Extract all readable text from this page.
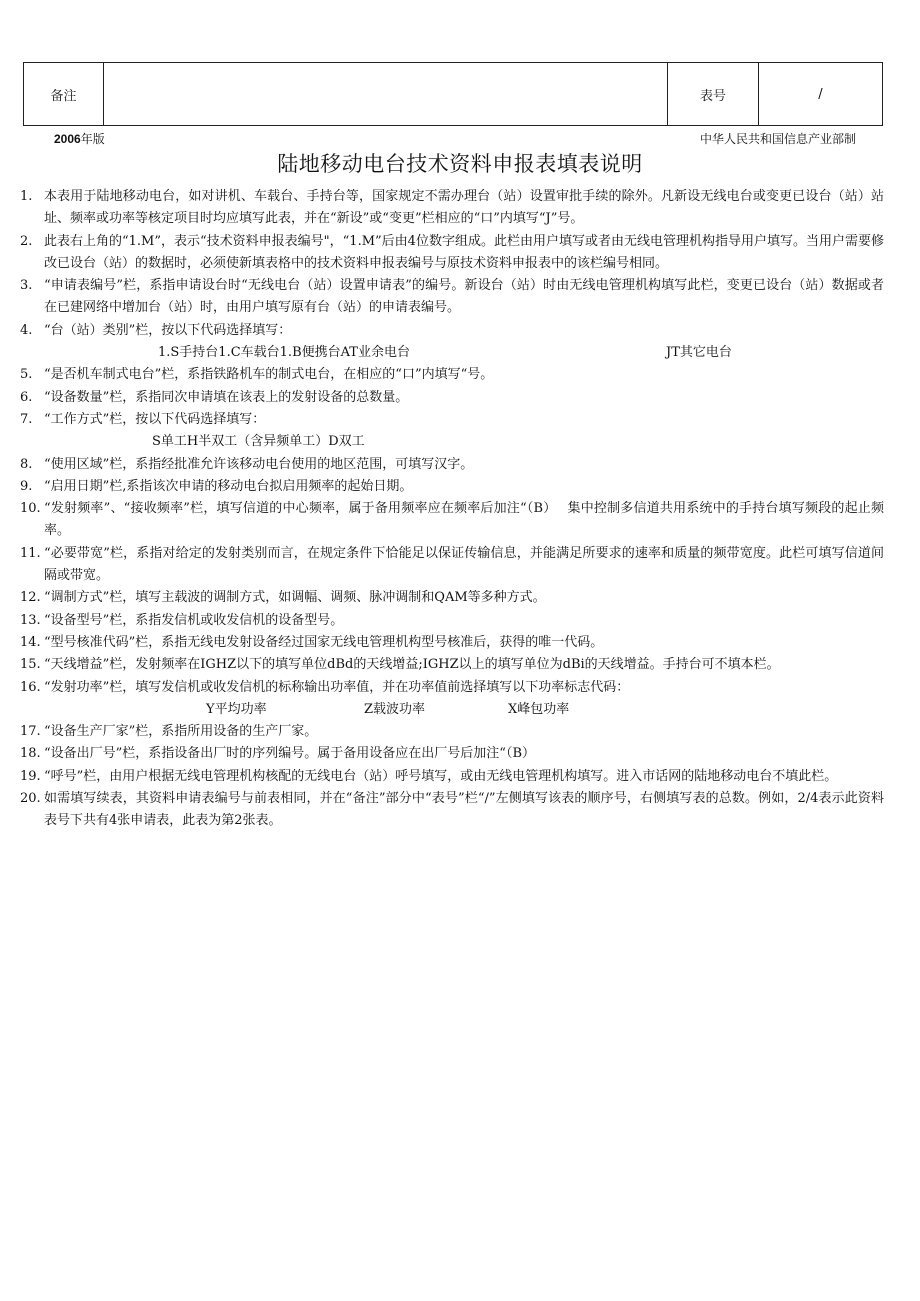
备注		表号	/
2006年版	中华人民共和国信息产业部制
陆地移动电台技术资料申报表填表说明
1. 本表用于陆地移动电台，如对讲机、车载台、手持台等，国家规定不需办理台（站）设置审批手续的除外。凡新设无线电台或变更已设台（站）站址、频率或功率等核定项目时均应填写此表，并在“新设”或“变更”栏相应的“口”内填写“J”号。
2. 此表右上角的“1.M”，表示“技术资料申报表编号"，“1.M”后由4位数字组成。此栏由用户填写或者由无线电管理机构指导用户填写。当用户需要修改已设台（站）的数据时，必须使新填表格中的技术资料申报表编号与原技术资料申报表中的该栏编号相同。
3. “申请表编号”栏，系指申请设台时“无线电台（站）设置申请表”的编号。新设台（站）时由无线电管理机构填写此栏，变更已设台（站）数据或者在已建网络中增加台（站）时，由用户填写原有台（站）的申请表编号。
4. “台（站）类别”栏，按以下代码选择填写：
1.S手持台1.C车载台1.B便携台AT业余电台	JT其它电台
5. “是否机车制式电台”栏，系指铁路机车的制式电台，在相应的“口”内填写“号。
6. “设备数量”栏，系指同次申请填在该表上的发射设备的总数量。
7. “工作方式”栏，按以下代码选择填写：
S单工H半双工（含异频单工）D双工
8. “使用区域”栏，系指经批准允许该移动电台使用的地区范围，可填写汉字。
9. “启用日期”栏,系指该次申请的移动电台拟启用频率的起始日期。
10. “发射频率”、“接收频率”栏，填写信道的中心频率，属于备用频率应在频率后加注“（B）　 集中控制多信道共用系统中的手持台填写频段的起止频率。
11. “必要带宽”栏，系指对给定的发射类别而言，在规定条件下恰能足以保证传输信息，并能满足所要求的速率和质量的频带宽度。此栏可填写信道间隔或带宽。
12. “调制方式”栏，填写主载波的调制方式，如调幅、调频、脉冲调制和QAM等多种方式。
13. “设备型号”栏，系指发信机或收发信机的设备型号。
14. “型号核准代码”栏，系指无线电发射设备经过国家无线电管理机构型号核准后，获得的唯一代码。
15. “天线增益”栏，发射频率在IGHZ以下的填写单位dBd的天线增益;IGHZ以上的填写单位为dBi的天线增益。手持台可不填本栏。
16. “发射功率”栏，填写发信机或收发信机的标称输出功率值，并在功率值前选择填写以下功率标志代码：
Y平均功率	Z载波功率	X峰包功率
17. “设备生产厂家”栏，系指所用设备的生产厂家。
18. “设备出厂号”栏，系指设备出厂时的序列编号。属于备用设备应在出厂号后加注“（B）
19. “呼号”栏，由用户根据无线电管理机构核配的无线电台（站）呼号填写，或由无线电管理机构填写。进入市话网的陆地移动电台不填此栏。
20. 如需填写续表，其资料申请表编号与前表相同，并在“备注”部分中“表号”栏“/”左侧填写该表的顺序号，右侧填写表的总数。例如，2/4表示此资料表号下共有4张申请表，此表为第2张表。
